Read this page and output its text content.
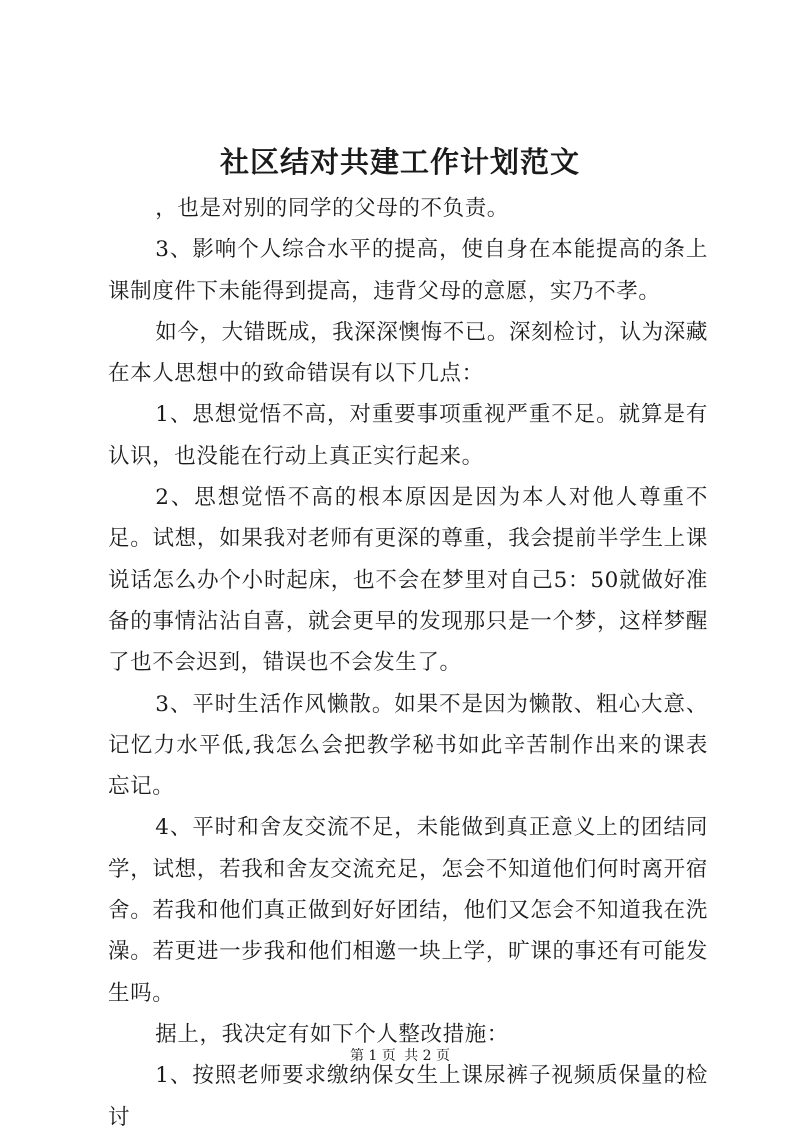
社区结对共建工作计划范文

，也是对别的同学的父母的不负责。

3、影响个人综合水平的提高，使自身在本能提高的条上课制度件下未能得到提高，违背父母的意愿，实乃不孝。

如今，大错既成，我深深懊悔不已。深刻检讨，认为深藏在本人思想中的致命错误有以下几点：

1、思想觉悟不高，对重要事项重视严重不足。就算是有认识，也没能在行动上真正实行起来。

2、思想觉悟不高的根本原因是因为本人对他人尊重不足。试想，如果我对老师有更深的尊重，我会提前半学生上课说话怎么办个小时起床，也不会在梦里对自己5：50就做好准备的事情沾沾自喜，就会更早的发现那只是一个梦，这样梦醒了也不会迟到，错误也不会发生了。

3、平时生活作风懒散。如果不是因为懒散、粗心大意、记忆力水平低,我怎么会把教学秘书如此辛苦制作出来的课表忘记。

4、平时和舍友交流不足，未能做到真正意义上的团结同学，试想，若我和舍友交流充足，怎会不知道他们何时离开宿舍。若我和他们真正做到好好团结，他们又怎会不知道我在洗澡。若更进一步我和他们相邀一块上学，旷课的事还有可能发生吗。

据上，我决定有如下个人整改措施：

1、按照老师要求缴纳保女生上课尿裤子视频质保量的检讨

第 1 页 共 2 页
